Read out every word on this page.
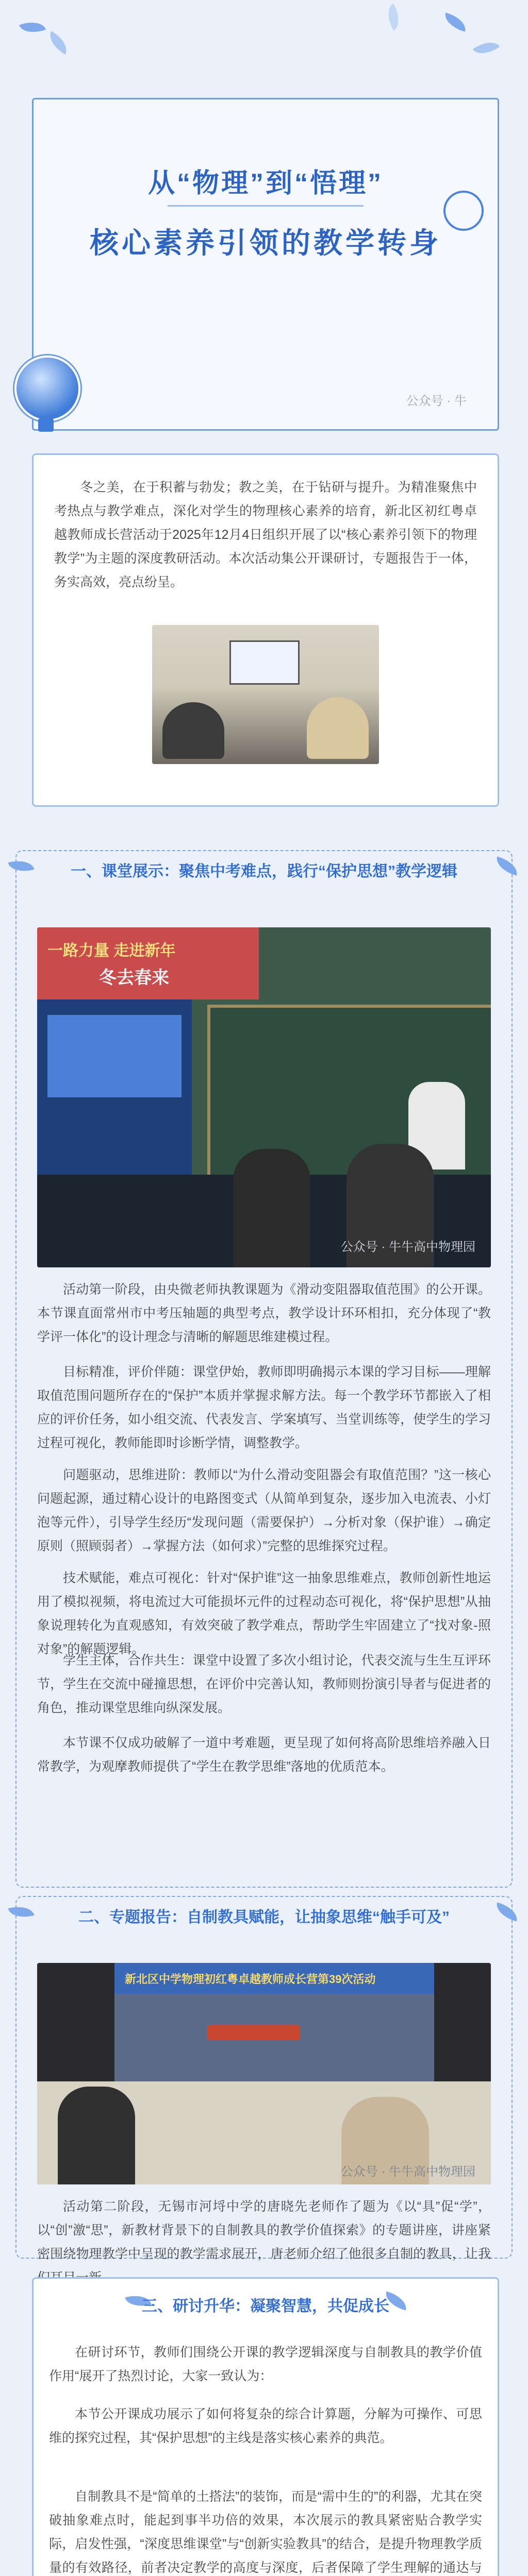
从“物理”到“悟理”
核心素养引领的教学转身
公众号 · 牛

冬之美，在于积蓄与勃发；教之美，在于钻研与提升。为精准聚焦中考热点与教学难点，深化对学生的物理核心素养的培育，新北区初红粤卓越教师成长营活动于2025年12月4日组织开展了以“核心素养引领下的物理教学”为主题的深度教研活动。本次活动集公开课研讨，专题报告于一体，务实高效，亮点纷呈。

一、课堂展示：聚焦中考难点，践行“保护思想”教学逻辑
一路力量 走进新年
冬去春来
公众号 · 牛牛高中物理园

活动第一阶段，由央微老师执教课题为《滑动变阻器取值范围》的公开课。本节课直面常州市中考压轴题的典型考点，教学设计环环相扣，充分体现了“教学评一体化”的设计理念与清晰的解题思维建模过程。

目标精准，评价伴随：课堂伊始，教师即明确揭示本课的学习目标——理解取值范围问题所存在的“保护”本质并掌握求解方法。每一个教学环节都嵌入了相应的评价任务，如小组交流、代表发言、学案填写、当堂训练等，使学生的学习过程可视化，教师能即时诊断学情，调整教学。

问题驱动，思维进阶：教师以“为什么滑动变阻器会有取值范围？”这一核心问题起源，通过精心设计的电路图变式（从简单到复杂，逐步加入电流表、小灯泡等元件），引导学生经历“发现问题（需要保护）→分析对象（保护谁）→确定原则（照顾弱者）→掌握方法（如何求）”完整的思维探究过程。

技术赋能，难点可视化：针对“保护谁”这一抽象思维难点，教师创新性地运用了模拟视频，将电流过大可能损坏元件的过程动态可视化，将“保护思想”从抽象说理转化为直观感知，有效突破了教学难点，帮助学生牢固建立了“找对象-照对象”的解题逻辑。

学生主体，合作共生：课堂中设置了多次小组讨论，代表交流与生生互评环节，学生在交流中碰撞思想，在评价中完善认知，教师则扮演引导者与促进者的角色，推动课堂思维向纵深发展。

本节课不仅成功破解了一道中考难题，更呈现了如何将高阶思维培养融入日常教学，为观摩教师提供了“学生在教学思维”落地的优质范本。

二、专题报告：自制教具赋能，让抽象思维“触手可及”
新北区中学物理初红粤卓越教师成长营第39次活动
公众号 · 牛牛高中物理园

活动第二阶段，无锡市河埒中学的唐晓先老师作了题为《以“具”促“学”，以“创”激“思”，新教材背景下的自制教具的教学价值探索》的专题讲座，讲座紧密围绕物理教学中呈现的教学需求展开，唐老师介绍了他很多自制的教具，让我

三、研讨升华：凝聚智慧，共促成长

在研讨环节，教师们围绕公开课的教学逻辑深度与自制教具的教学价值作用“展开了热烈讨论，大家一致认为：

本节公开课成功展示了如何将复杂的综合计算题，分解为可操作、可思维的探究过程，其“保护思想”的主线是落实核心素养的典范。

自制教具不是“简单的土搭法”的装饰，而是“需中生的”的利器，尤其在突破抽象难点时，能起到事半功倍的效果，本次展示的教具紧密贴合教学实际，启发性强，“深度思维课堂”与“创新实验教具”的结合，是提升物理教学质量的有效路径，前者决定教学的高度与深度，后者保障了学生理解的通达与
